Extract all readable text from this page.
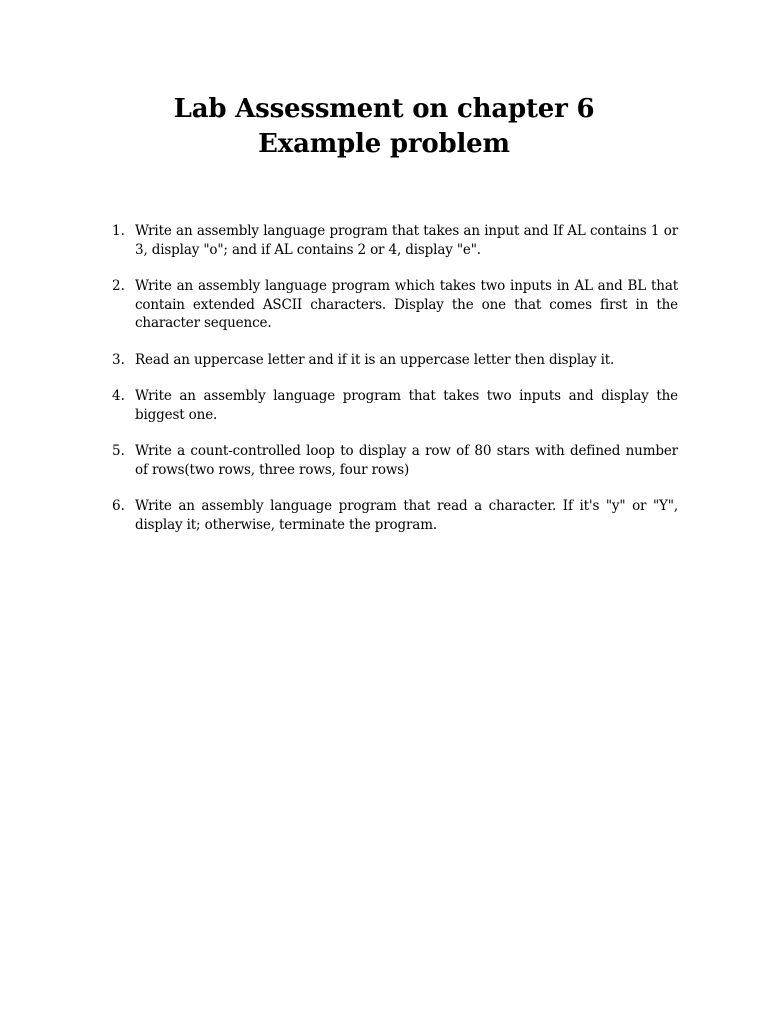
Lab Assessment on chapter 6 Example problem
1. Write an assembly language program that takes an input and If AL contains 1 or 3, display "o"; and if AL contains 2 or 4, display "e".
2. Write an assembly language program which takes two inputs in AL and BL that contain extended ASCII characters. Display the one that comes first in the character sequence.
3. Read an uppercase letter and if it is an uppercase letter then display it.
4. Write an assembly language program that takes two inputs and display the biggest one.
5. Write a count-controlled loop to display a row of 80 stars with defined number of rows(two rows, three rows, four rows)
6. Write an assembly language program that read a character. If it's "y" or "Y", display it; otherwise, terminate the program.
